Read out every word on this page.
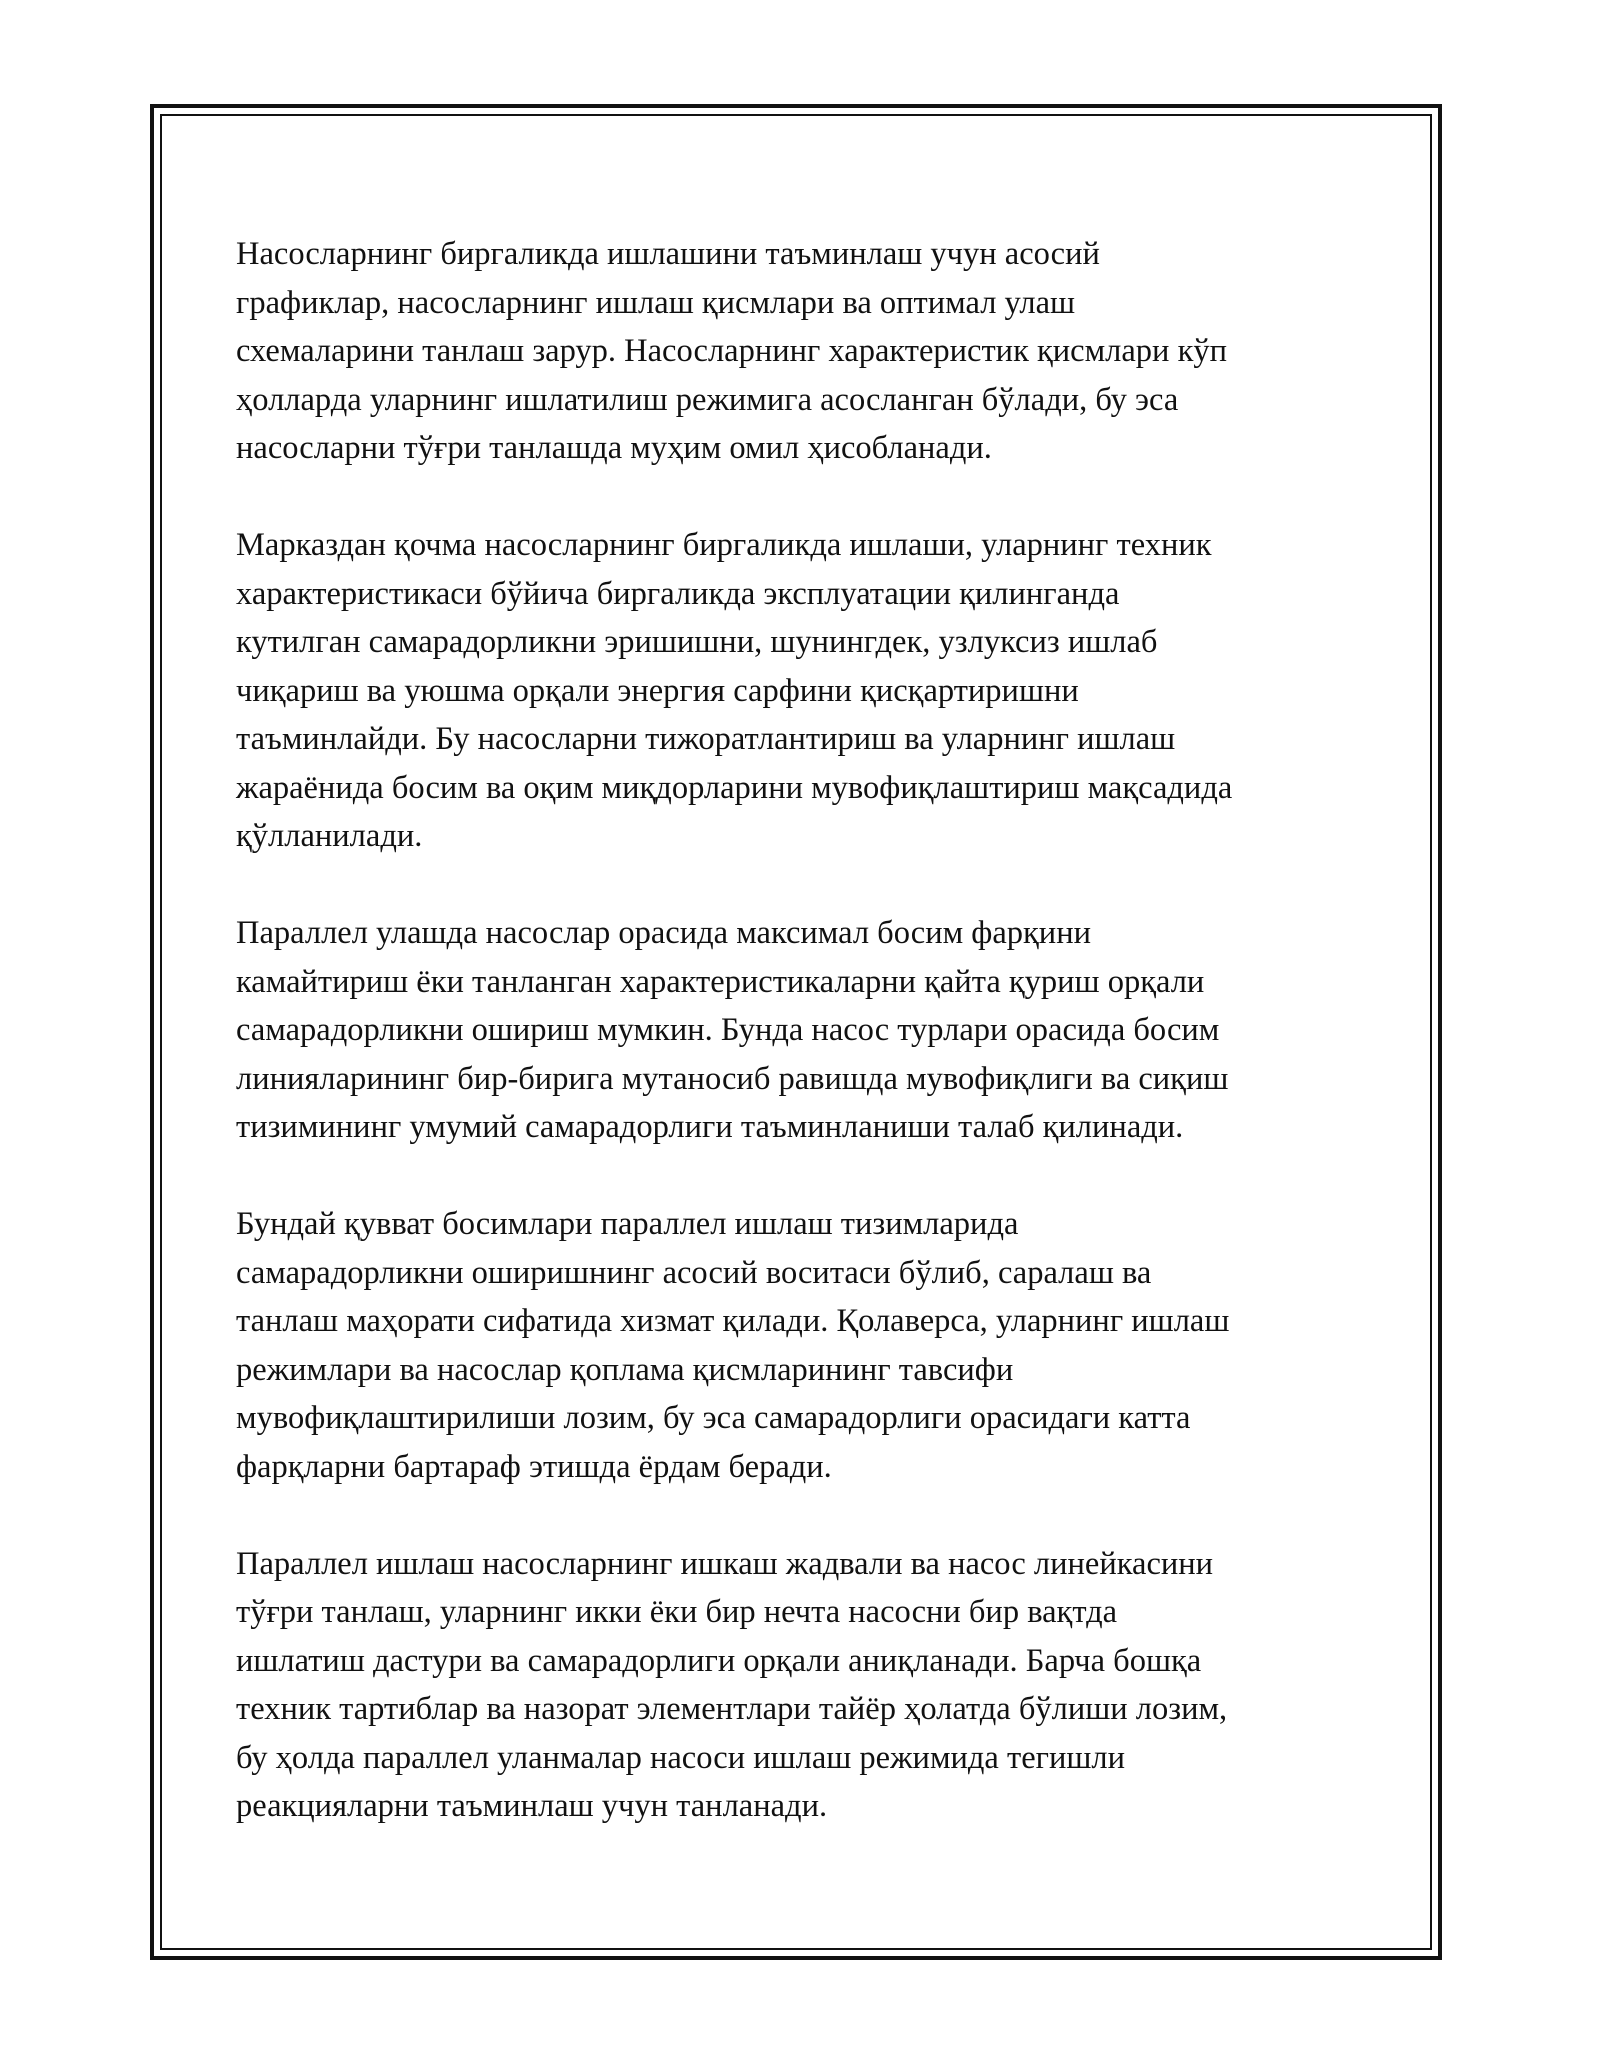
Насосларнинг биргаликда ишлашини таъминлаш учун асосий
графиклар, насосларнинг ишлаш қисмлари ва оптимал улаш
схемаларини танлаш зарур. Насосларнинг характеристик қисмлари кўп
ҳолларда уларнинг ишлатилиш режимига асосланган бўлади, бу эса
насосларни тўғри танлашда муҳим омил ҳисобланади.

Марказдан қочма насосларнинг биргаликда ишлаши, уларнинг техник
характеристикаси бўйича биргаликда эксплуатации қилинганда
кутилган самарадорликни эришишни, шунингдек, узлуксиз ишлаб
чиқариш ва уюшма орқали энергия сарфини қисқартиришни
таъминлайди. Бу насосларни тижоратлантириш ва уларнинг ишлаш
жараёнида босим ва оқим миқдорларини мувофиқлаштириш мақсадида
қўлланилади.

Параллел улашда насослар орасида максимал босим фарқини
камайтириш ёки танланган характеристикаларни қайта қуриш орқали
самарадорликни ошириш мумкин. Бунда насос турлари орасида босим
линияларининг бир-бирига мутаносиб равишда мувофиқлиги ва сиқиш
тизимининг умумий самарадорлиги таъминланиши талаб қилинади.

Бундай қувват босимлари параллел ишлаш тизимларида
самарадорликни оширишнинг асосий воситаси бўлиб, саралаш ва
танлаш маҳорати сифатида хизмат қилади. Қолаверса, уларнинг ишлаш
режимлари ва насослар қоплама қисмларининг тавсифи
мувофиқлаштирилиши лозим, бу эса самарадорлиги орасидаги катта
фарқларни бартараф этишда ёрдам беради.

Параллел ишлаш насосларнинг ишкаш жадвали ва насос линейкасини
тўғри танлаш, уларнинг икки ёки бир нечта насосни бир вақтда
ишлатиш дастури ва самарадорлиги орқали аниқланади. Барча бошқа
техник тартиблар ва назорат элементлари тайёр ҳолатда бўлиши лозим,
бу ҳолда параллел уланмалар насоси ишлаш режимида тегишли
реакцияларни таъминлаш учун танланади.
